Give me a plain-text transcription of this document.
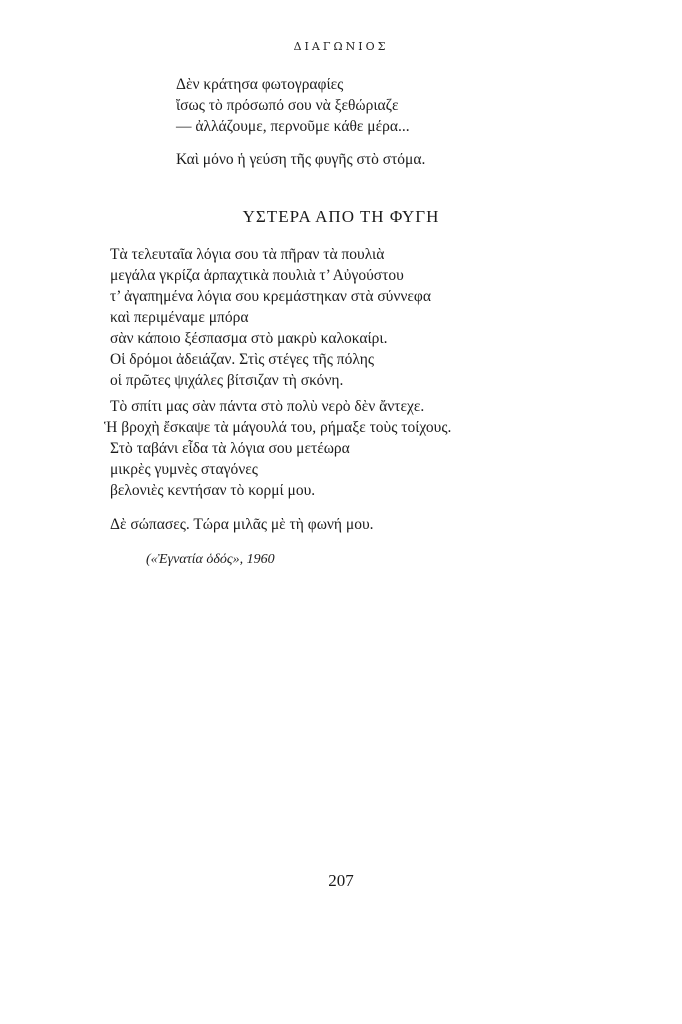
ΔΙΑΓΩΝΙΟΣ
Δὲν κράτησα φωτογραφίες
ἴσως τὸ πρόσωπό σου νὰ ξεθώριαζε
— ἀλλάζουμε, περνοῦμε κάθε μέρα...
Καὶ μόνο ἡ γεύση τῆς φυγῆς στὸ στόμα.
ΥΣΤΕΡΑ ΑΠΟ ΤΗ ΦΥΓΗ
Τὰ τελευταῖα λόγια σου τὰ πῆραν τὰ πουλιὰ
μεγάλα γκρίζα ἁρπαχτικὰ πουλιὰ τ’ Αὐγούστου
τ’ ἀγαπημένα λόγια σου κρεμάστηκαν στὰ σύννεφα
καὶ περιμέναμε μπόρα
σὰν κάποιο ξέσπασμα στὸ μακρὺ καλοκαίρι.
Οἱ δρόμοι ἀδειάζαν. Στὶς στέγες τῆς πόλης
οἱ πρῶτες ψιχάλες βίτσιζαν τὴ σκόνη.
Τὸ σπίτι μας σὰν πάντα στὸ πολὺ νερὸ δὲν ἄντεχε.
Ἡ βροχὴ ἔσκαψε τὰ μάγουλά του, ρήμαξε τοὺς τοίχους.
Στὸ ταβάνι εἶδα τὰ λόγια σου μετέωρα
μικρὲς γυμνὲς σταγόνες
βελονιὲς κεντήσαν τὸ κορμί μου.
Δὲ σώπασες. Τώρα μιλᾶς μὲ τὴ φωνή μου.
(«Ἐγνατία ὁδός», 1960
207
